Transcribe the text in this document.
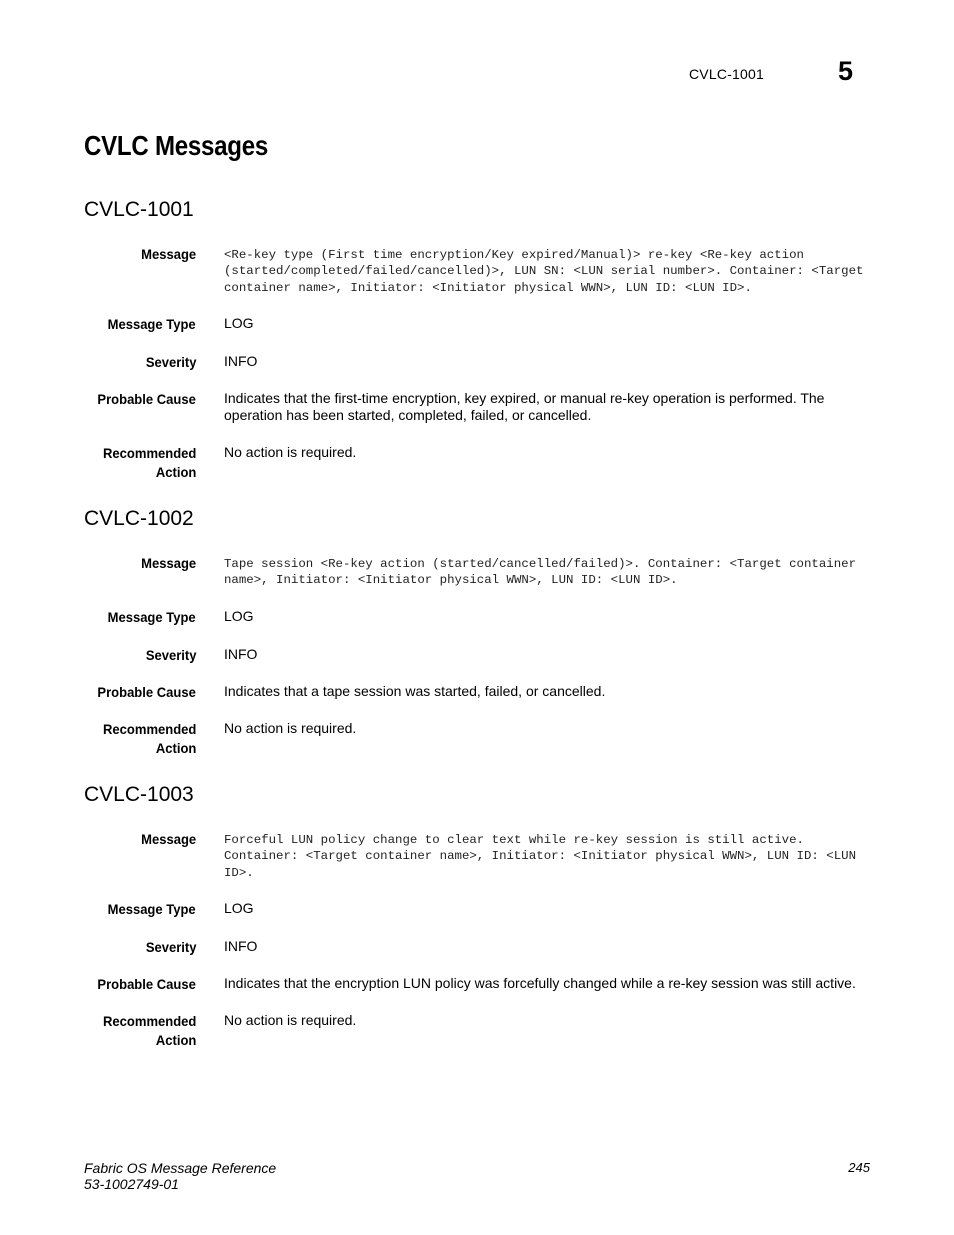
CVLC-1001	5
CVLC Messages
CVLC-1001
Message <Re-key type (First time encryption/Key expired/Manual)> re-key <Re-key action (started/completed/failed/cancelled)>, LUN SN: <LUN serial number>. Container: <Target container name>, Initiator: <Initiator physical WWN>, LUN ID: <LUN ID>.
Message Type LOG
Severity INFO
Probable Cause Indicates that the first-time encryption, key expired, or manual re-key operation is performed. The operation has been started, completed, failed, or cancelled.
Recommended
Action
No action is required.
CVLC-1002
Message Tape session <Re-key action (started/cancelled/failed)>. Container: <Target container name>, Initiator: <Initiator physical WWN>, LUN ID: <LUN ID>.
Message Type LOG
Severity INFO
Probable Cause Indicates that a tape session was started, failed, or cancelled.
Recommended
Action
No action is required.
CVLC-1003
Message Forceful LUN policy change to clear text while re-key session is still active. Container: <Target container name>, Initiator: <Initiator physical WWN>, LUN ID: <LUN ID>.
Message Type LOG
Severity INFO
Probable Cause Indicates that the encryption LUN policy was forcefully changed while a re-key session was still active.
Recommended
Action
No action is required.
Fabric OS Message Reference
53-1002749-01
245
